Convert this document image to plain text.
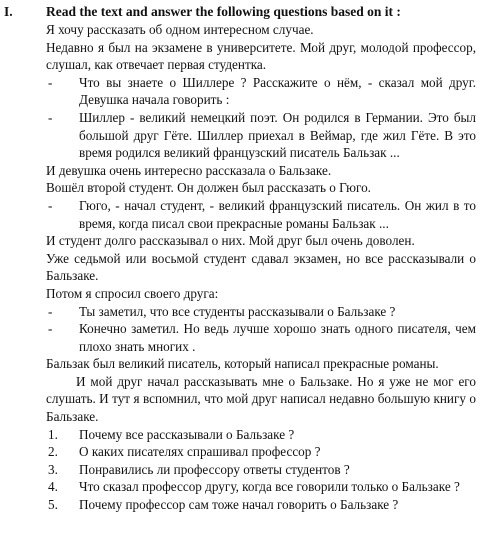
I. Read the text and answer the following questions based on it :

Я хочу рассказать об одном интересном случае.

Недавно я был на экзамене в университете. Мой друг, молодой профессор, слушал, как отвечает первая студентка.

- Что вы знаете о Шиллере ? Расскажите о нём, - сказал мой друг. Девушка начала говорить :
- Шиллер - великий немецкий поэт. Он родился в Германии. Это был большой друг Гёте. Шиллер приехал в Веймар, где жил Гёте. В это время родился великий французский писатель Бальзак ...

И девушка очень интересно рассказала о Бальзаке.

Вошёл второй студент. Он должен был рассказать о Гюго.

- Гюго, - начал студент, - великий французский писатель. Он жил в то время, когда писал свои прекрасные романы Бальзак ...

И студент долго рассказывал о них. Мой друг был очень доволен.

Уже седьмой или восьмой студент сдавал экзамен, но все рассказывали о Бальзаке.

Потом я спросил своего друга:

- Ты заметил, что все студенты рассказывали о Бальзаке ?
- Конечно заметил. Но ведь лучше хорошо знать одного писателя, чем плохо знать многих .

Бальзак был великий писатель, который написал прекрасные романы.

И мой друг начал рассказывать мне о Бальзаке. Но я уже не мог его слушать. И тут я вспомнил, что мой друг написал недавно большую книгу о Бальзаке.

1. Почему все рассказывали о Бальзаке ?
2. О каких писателях спрашивал профессор ?
3. Понравились ли профессору ответы студентов ?
4. Что сказал профессор другу, когда все говорили только о Бальзаке ?
5. Почему профессор сам тоже начал говорить о Бальзаке ?
